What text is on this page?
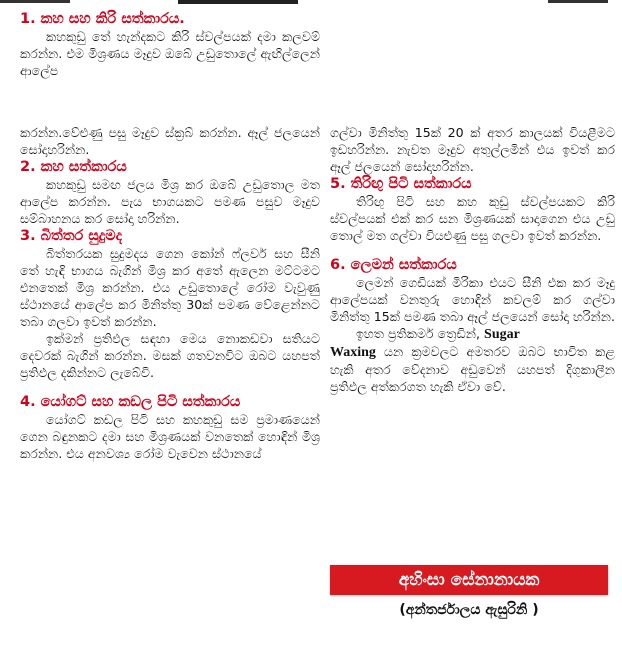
1. කහ සහ කිරි සත්කාරය.

කහකුඩු තේ හැන්දකට කිරි ස්වල්පයක් දමා කලවම් කරන්න. එම මිශ්‍රණය මෑදුව ඔබේ උඩුතොලේ ඇඟිල්ලෙන් ආලේප

කරන්න.වේළුණු පසු මෑදුව ස්ක්‍රබ් කරන්න. ඈල් ජලයෙන් සෝදාහරින්න.

2. කහ සත්කාරය

කහකුඩු සමඟ ජලය මිශ්‍ර කර ඔබේ උඩුතොල මත ආලේප කරන්න. පැය භාගයකට පමණ පසුව මෑදුව සම්බාහනය කර සෝදා හරින්න.

3. බිත්තර සුදුමද

බිත්තරයක සුදුමදය ගෙන කෝන් ෆ්ලවර් සහ සීනි තේ හැඳි භාගය බැගින් මිශ්‍ර කර අතේ ඇලෙන මට්ටමට එනතෙක් මිශ්‍ර කරන්න. එය උඩුතොලේ රෝම වැවුණු ස්ථානයේ ආලේප කර මිනිත්තු 30ක් පමණ වේළෙන්නට තබා ගලවා ඉවත් කරන්න.

ඉක්මන් ප්‍රතිඵල සඳහා මෙය නොකඩවා සතියට දෙවරක් බැගින් කරන්න. මසක් ගතවනවිට ඔබට යහපත් ප්‍රතිඵල දකින්නට ලැබේවි.

4. යෝගට් සහ කඩල පිටි සත්කාරය

යෝගට් කඩල පිටි සහ කහකුඩු සම ප්‍රමාණයෙන් ගෙන බඳුනකට දමා සහ මිශ්‍රණයක් වනතෙක් හොඳින් මිශ්‍ර කරන්න. එය අනවශ්‍ය රෝම වැවෙන ස්ථානයේ

ගල්වා මිනිත්තු 15ක් 20 ක් අතර කාලයක් වියළීමට ඉඩහරින්න. නැවත මෑදුව අතුල්ලමින් එය ඉවත් කර ඈල් ජලයෙන් සෝදාහරින්න.

5. තිරිඟු පිටි සත්කාරය

තිරිඟු පිටි සහ කහ කුඩු ස්වල්පයකට කිරි ස්වල්පයක් එක් කර සන මිශ්‍රණයක් සාදාගෙන එය උඩු තොල් මත ගල්වා වියළුණු පසු ගලවා ඉවත් කරන්න.

6. ලෙමන් සත්කාරය

ලෙමන් ගෙඩියක් මිරිකා එයට සීනි එක කර මෑදු ආලේපයක් වනතුරු හොඳින් කවලම් කර ගල්වා මිනිත්තු 15ක් පමණ තබා ඈල් ජලයෙන් සෝදා හරින්න.

ඉහත ප්‍රතිකර්ම ත්‍රෙඩින්, Sugar
Waxing යන ක්‍රමවලට අමතරව ඔබට භාවිත කළ හැකි අතර වේදනාව අඩුවෙන් යහපත් දිගුකාලීන ප්‍රතිඵල අත්කරගත හැකි ඒවා වේ.

අහිංසා සේනානායක
(අන්තර්ජාලය ඇසුරිනි )
